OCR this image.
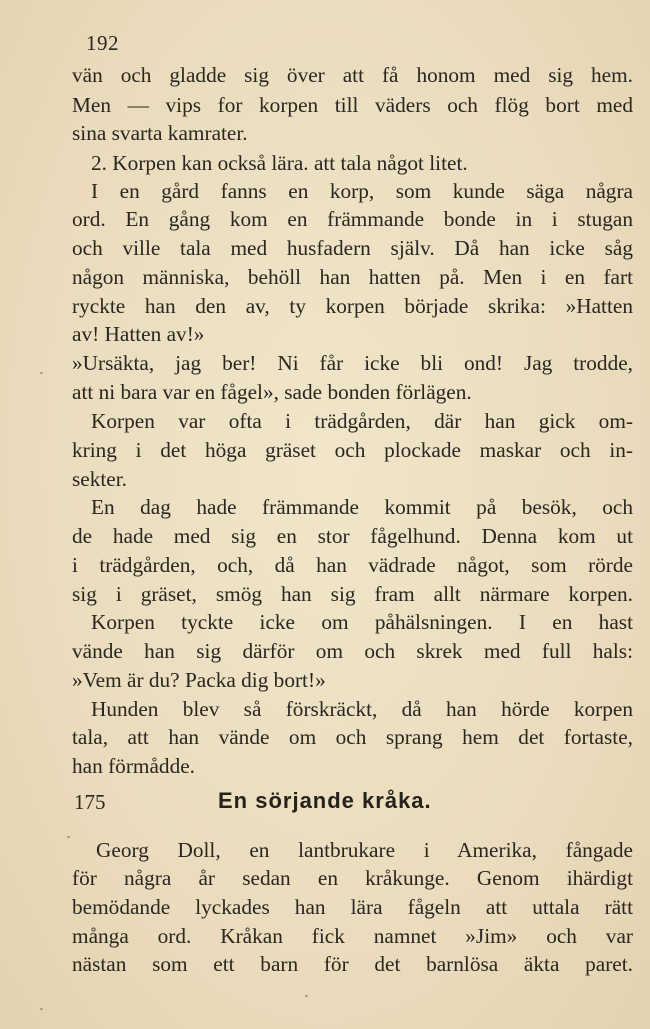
192
vän och gladde sig över att få honom med sig hem.
Men — vips for korpen till väders och flög bort med
sina svarta kamrater.
2. Korpen kan också lära. att tala något litet.
I en gård fanns en korp, som kunde säga några
ord. En gång kom en främmande bonde in i stugan
och ville tala med husfadern själv. Då han icke såg
någon människa, behöll han hatten på. Men i en fart
ryckte han den av, ty korpen började skrika: »Hatten
av! Hatten av!»
»Ursäkta, jag ber! Ni får icke bli ond! Jag trodde,
att ni bara var en fågel», sade bonden förlägen.
Korpen var ofta i trädgården, där han gick om-
kring i det höga gräset och plockade maskar och in-
sekter.
En dag hade främmande kommit på besök, och
de hade med sig en stor fågelhund. Denna kom ut
i trädgården, och, då han vädrade något, som rörde
sig i gräset, smög han sig fram allt närmare korpen.
Korpen tyckte icke om påhälsningen. I en hast
vände han sig därför om och skrek med full hals:
»Vem är du? Packa dig bort!»
Hunden blev så förskräckt, då han hörde korpen
tala, att han vände om och sprang hem det fortaste,
han förmådde.
175	En sörjande kråka.
Georg Doll, en lantbrukare i Amerika, fångade
för några år sedan en kråkunge. Genom ihärdigt
bemödande lyckades han lära fågeln att uttala rätt
många ord. Kråkan fick namnet »Jim» och var
nästan som ett barn för det barnlösa äkta paret.
